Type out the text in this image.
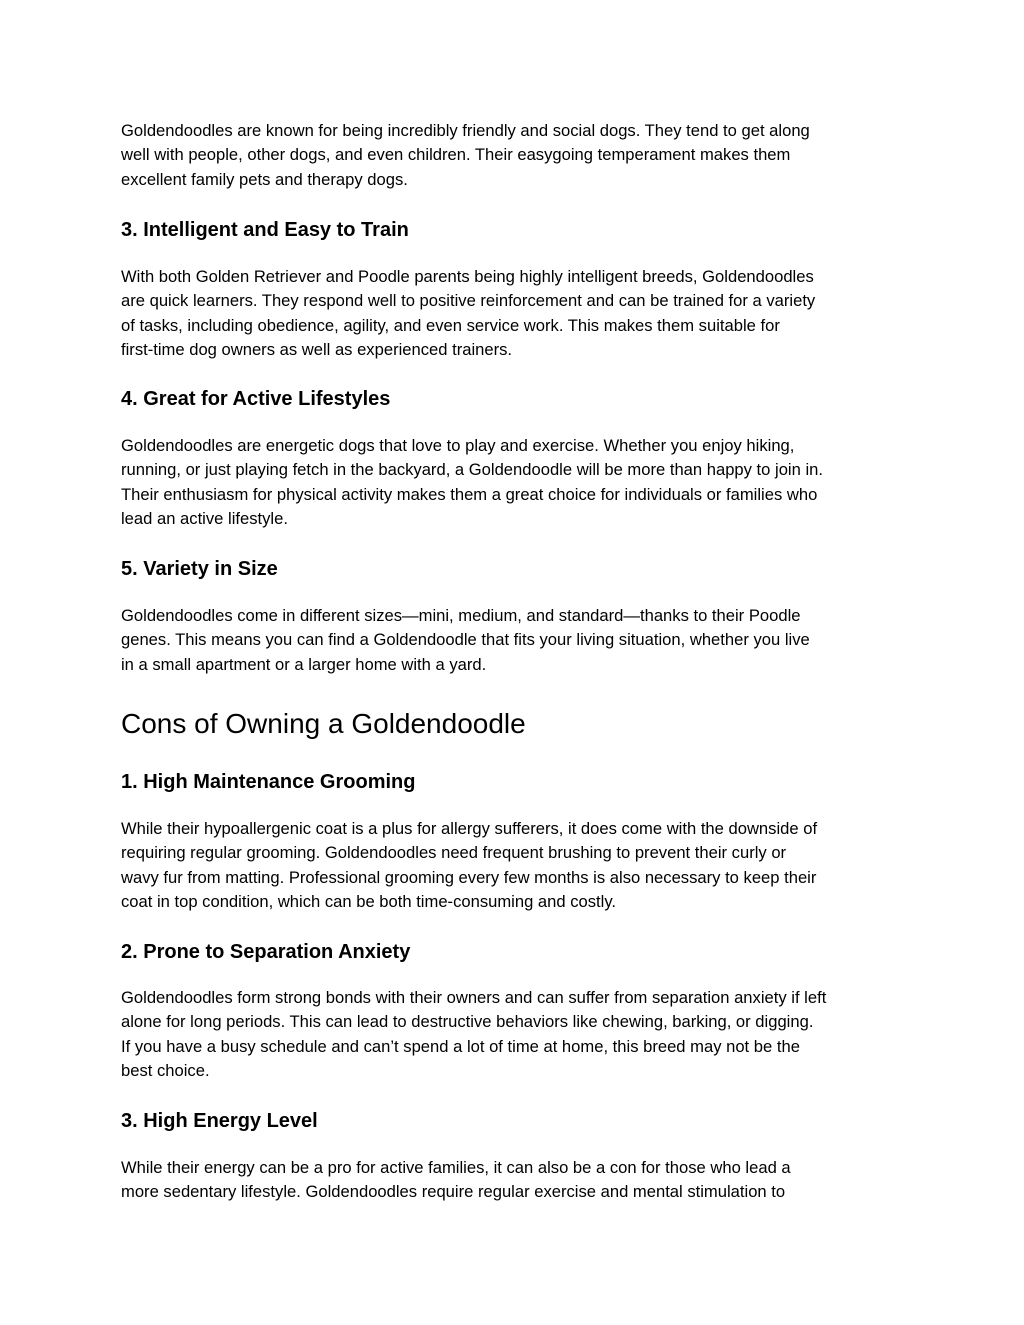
Goldendoodles are known for being incredibly friendly and social dogs. They tend to get along
well with people, other dogs, and even children. Their easygoing temperament makes them
excellent family pets and therapy dogs.

3. Intelligent and Easy to Train

With both Golden Retriever and Poodle parents being highly intelligent breeds, Goldendoodles
are quick learners. They respond well to positive reinforcement and can be trained for a variety
of tasks, including obedience, agility, and even service work. This makes them suitable for
first-time dog owners as well as experienced trainers.

4. Great for Active Lifestyles

Goldendoodles are energetic dogs that love to play and exercise. Whether you enjoy hiking,
running, or just playing fetch in the backyard, a Goldendoodle will be more than happy to join in.
Their enthusiasm for physical activity makes them a great choice for individuals or families who
lead an active lifestyle.

5. Variety in Size

Goldendoodles come in different sizes—mini, medium, and standard—thanks to their Poodle
genes. This means you can find a Goldendoodle that fits your living situation, whether you live
in a small apartment or a larger home with a yard.

Cons of Owning a Goldendoodle
1. High Maintenance Grooming

While their hypoallergenic coat is a plus for allergy sufferers, it does come with the downside of
requiring regular grooming. Goldendoodles need frequent brushing to prevent their curly or
wavy fur from matting. Professional grooming every few months is also necessary to keep their
coat in top condition, which can be both time-consuming and costly.

2. Prone to Separation Anxiety

Goldendoodles form strong bonds with their owners and can suffer from separation anxiety if left
alone for long periods. This can lead to destructive behaviors like chewing, barking, or digging.
If you have a busy schedule and can’t spend a lot of time at home, this breed may not be the
best choice.

3. High Energy Level

While their energy can be a pro for active families, it can also be a con for those who lead a
more sedentary lifestyle. Goldendoodles require regular exercise and mental stimulation to
